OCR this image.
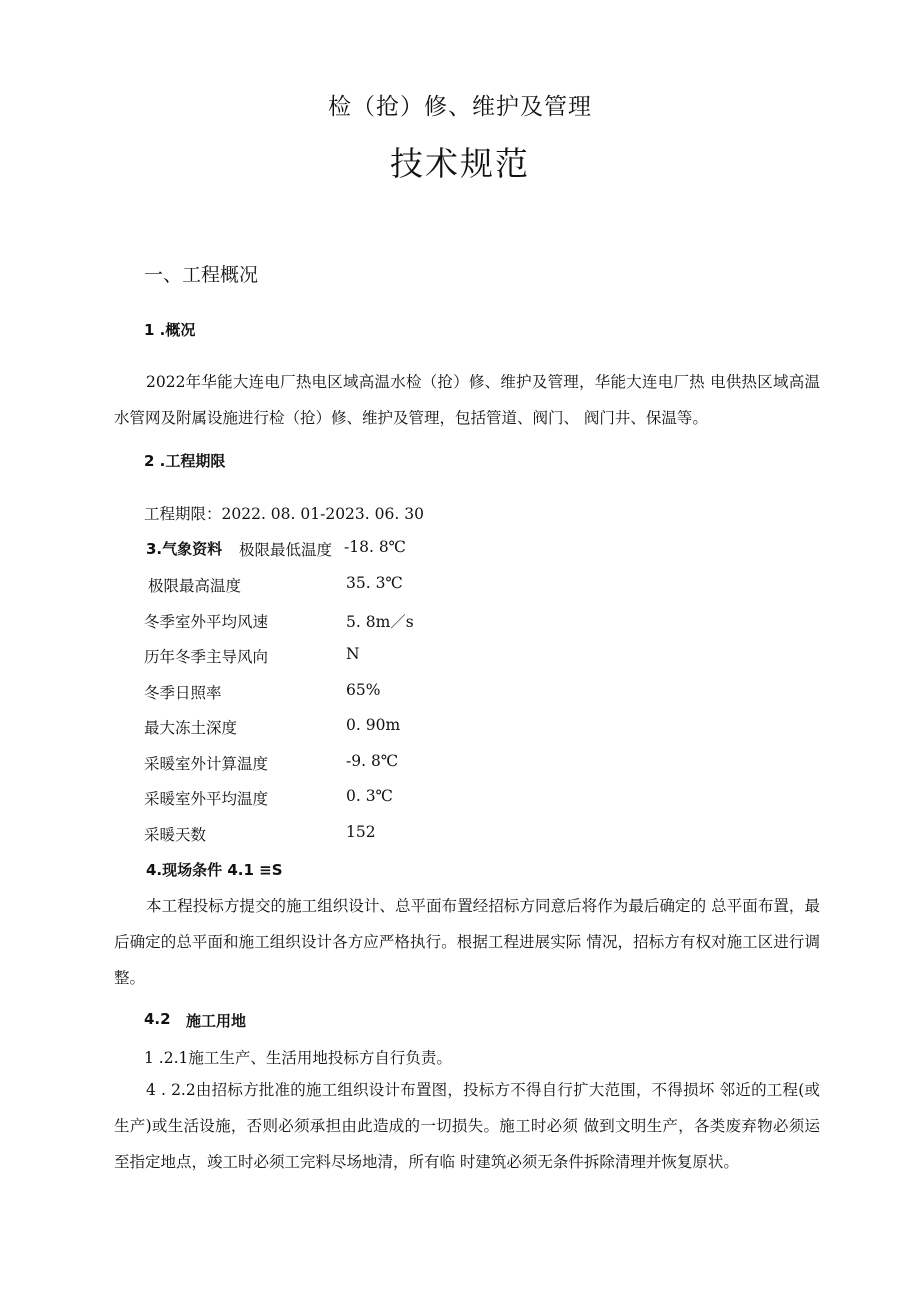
检（抢）修、维护及管理
技术规范
一、工程概况
1 .概况
2022年华能大连电厂热电区域高温水检（抢）修、维护及管理，华能大连电厂热 电供热区域高温水管网及附属设施进行检（抢）修、维护及管理，包括管道、阀门、 阀门井、保温等。
2 .工程期限
工程期限：2022. 08. 01-2023. 06. 30
3.气象资料 极限最低温度 -18. 8℃
极限最高温度	35. 3℃
冬季室外平均风速	5. 8m／s
历年冬季主导风向	N
冬季日照率	65%
最大冻土深度	0. 90m
采暖室外计算温度	-9. 8℃
采暖室外平均温度	0. 3℃
采暖天数	152
4.现场条件 4.1 ≡S
本工程投标方提交的施工组织设计、总平面布置经招标方同意后将作为最后确定的 总平面布置，最后确定的总平面和施工组织设计各方应严格执行。根据工程进展实际 情况，招标方有权对施工区进行调整。
4.2 施工用地
1 .2.1施工生产、生活用地投标方自行负责。
4 . 2.2由招标方批准的施工组织设计布置图，投标方不得自行扩大范围，不得损坏 邻近的工程(或生产)或生活设施，否则必须承担由此造成的一切损失。施工时必须 做到文明生产，各类废弃物必须运至指定地点，竣工时必须工完料尽场地清，所有临 时建筑必须无条件拆除清理并恢复原状。
